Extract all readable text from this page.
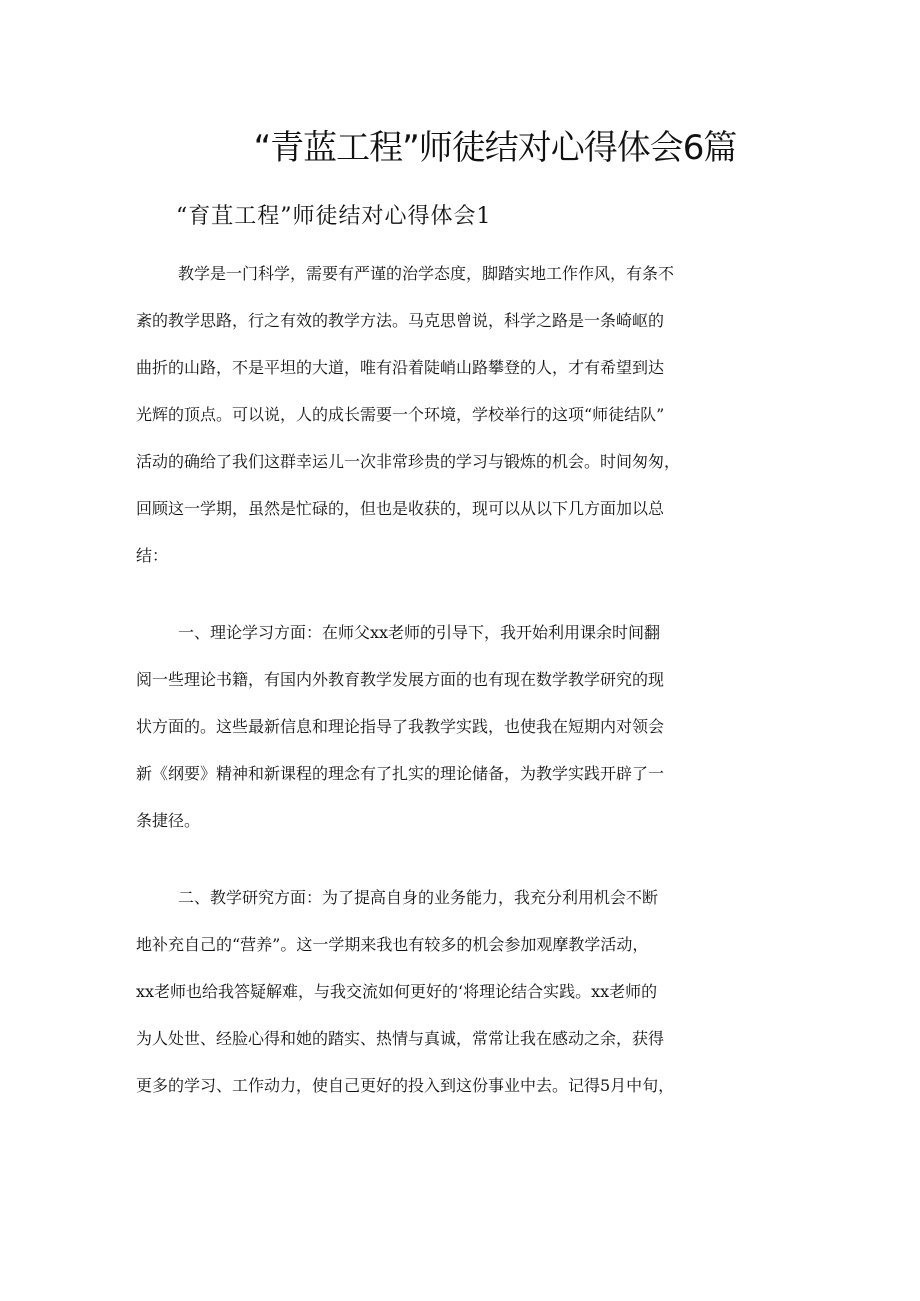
“青蓝工程”师徒结对心得体会6篇
“育苴工程”师徒结对心得体会1
教学是一门科学，需要有严谨的治学态度，脚踏实地工作作风，有条不
紊的教学思路，行之有效的教学方法。马克思曾说，科学之路是一条崎岖的
曲折的山路，不是平坦的大道，唯有沿着陡峭山路攀登的人，才有希望到达
光辉的顶点。可以说，人的成长需要一个环境，学校举行的这项“师徒结队”
活动的确给了我们这群幸运儿一次非常珍贵的学习与锻炼的机会。时间匆匆，
回顾这一学期，虽然是忙碌的，但也是收获的，现可以从以下几方面加以总
结：
一、理论学习方面：在师父xx老师的引导下，我开始利用课余时间翻
阅一些理论书籍，有国内外教育教学发展方面的也有现在数学教学研究的现
状方面的。这些最新信息和理论指导了我教学实践，也使我在短期内对领会
新《纲要》精神和新课程的理念有了扎实的理论储备，为教学实践开辟了一
条捷径。
二、教学研究方面：为了提高自身的业务能力，我充分利用机会不断
地补充自己的“营养”。这一学期来我也有较多的机会参加观摩教学活动，
xx老师也给我答疑解难，与我交流如何更好的‘将理论结合实践。xx老师的
为人处世、经脸心得和她的踏实、热情与真诚，常常让我在感动之余，获得
更多的学习、工作动力，使自己更好的投入到这份事业中去。记得5月中旬，
